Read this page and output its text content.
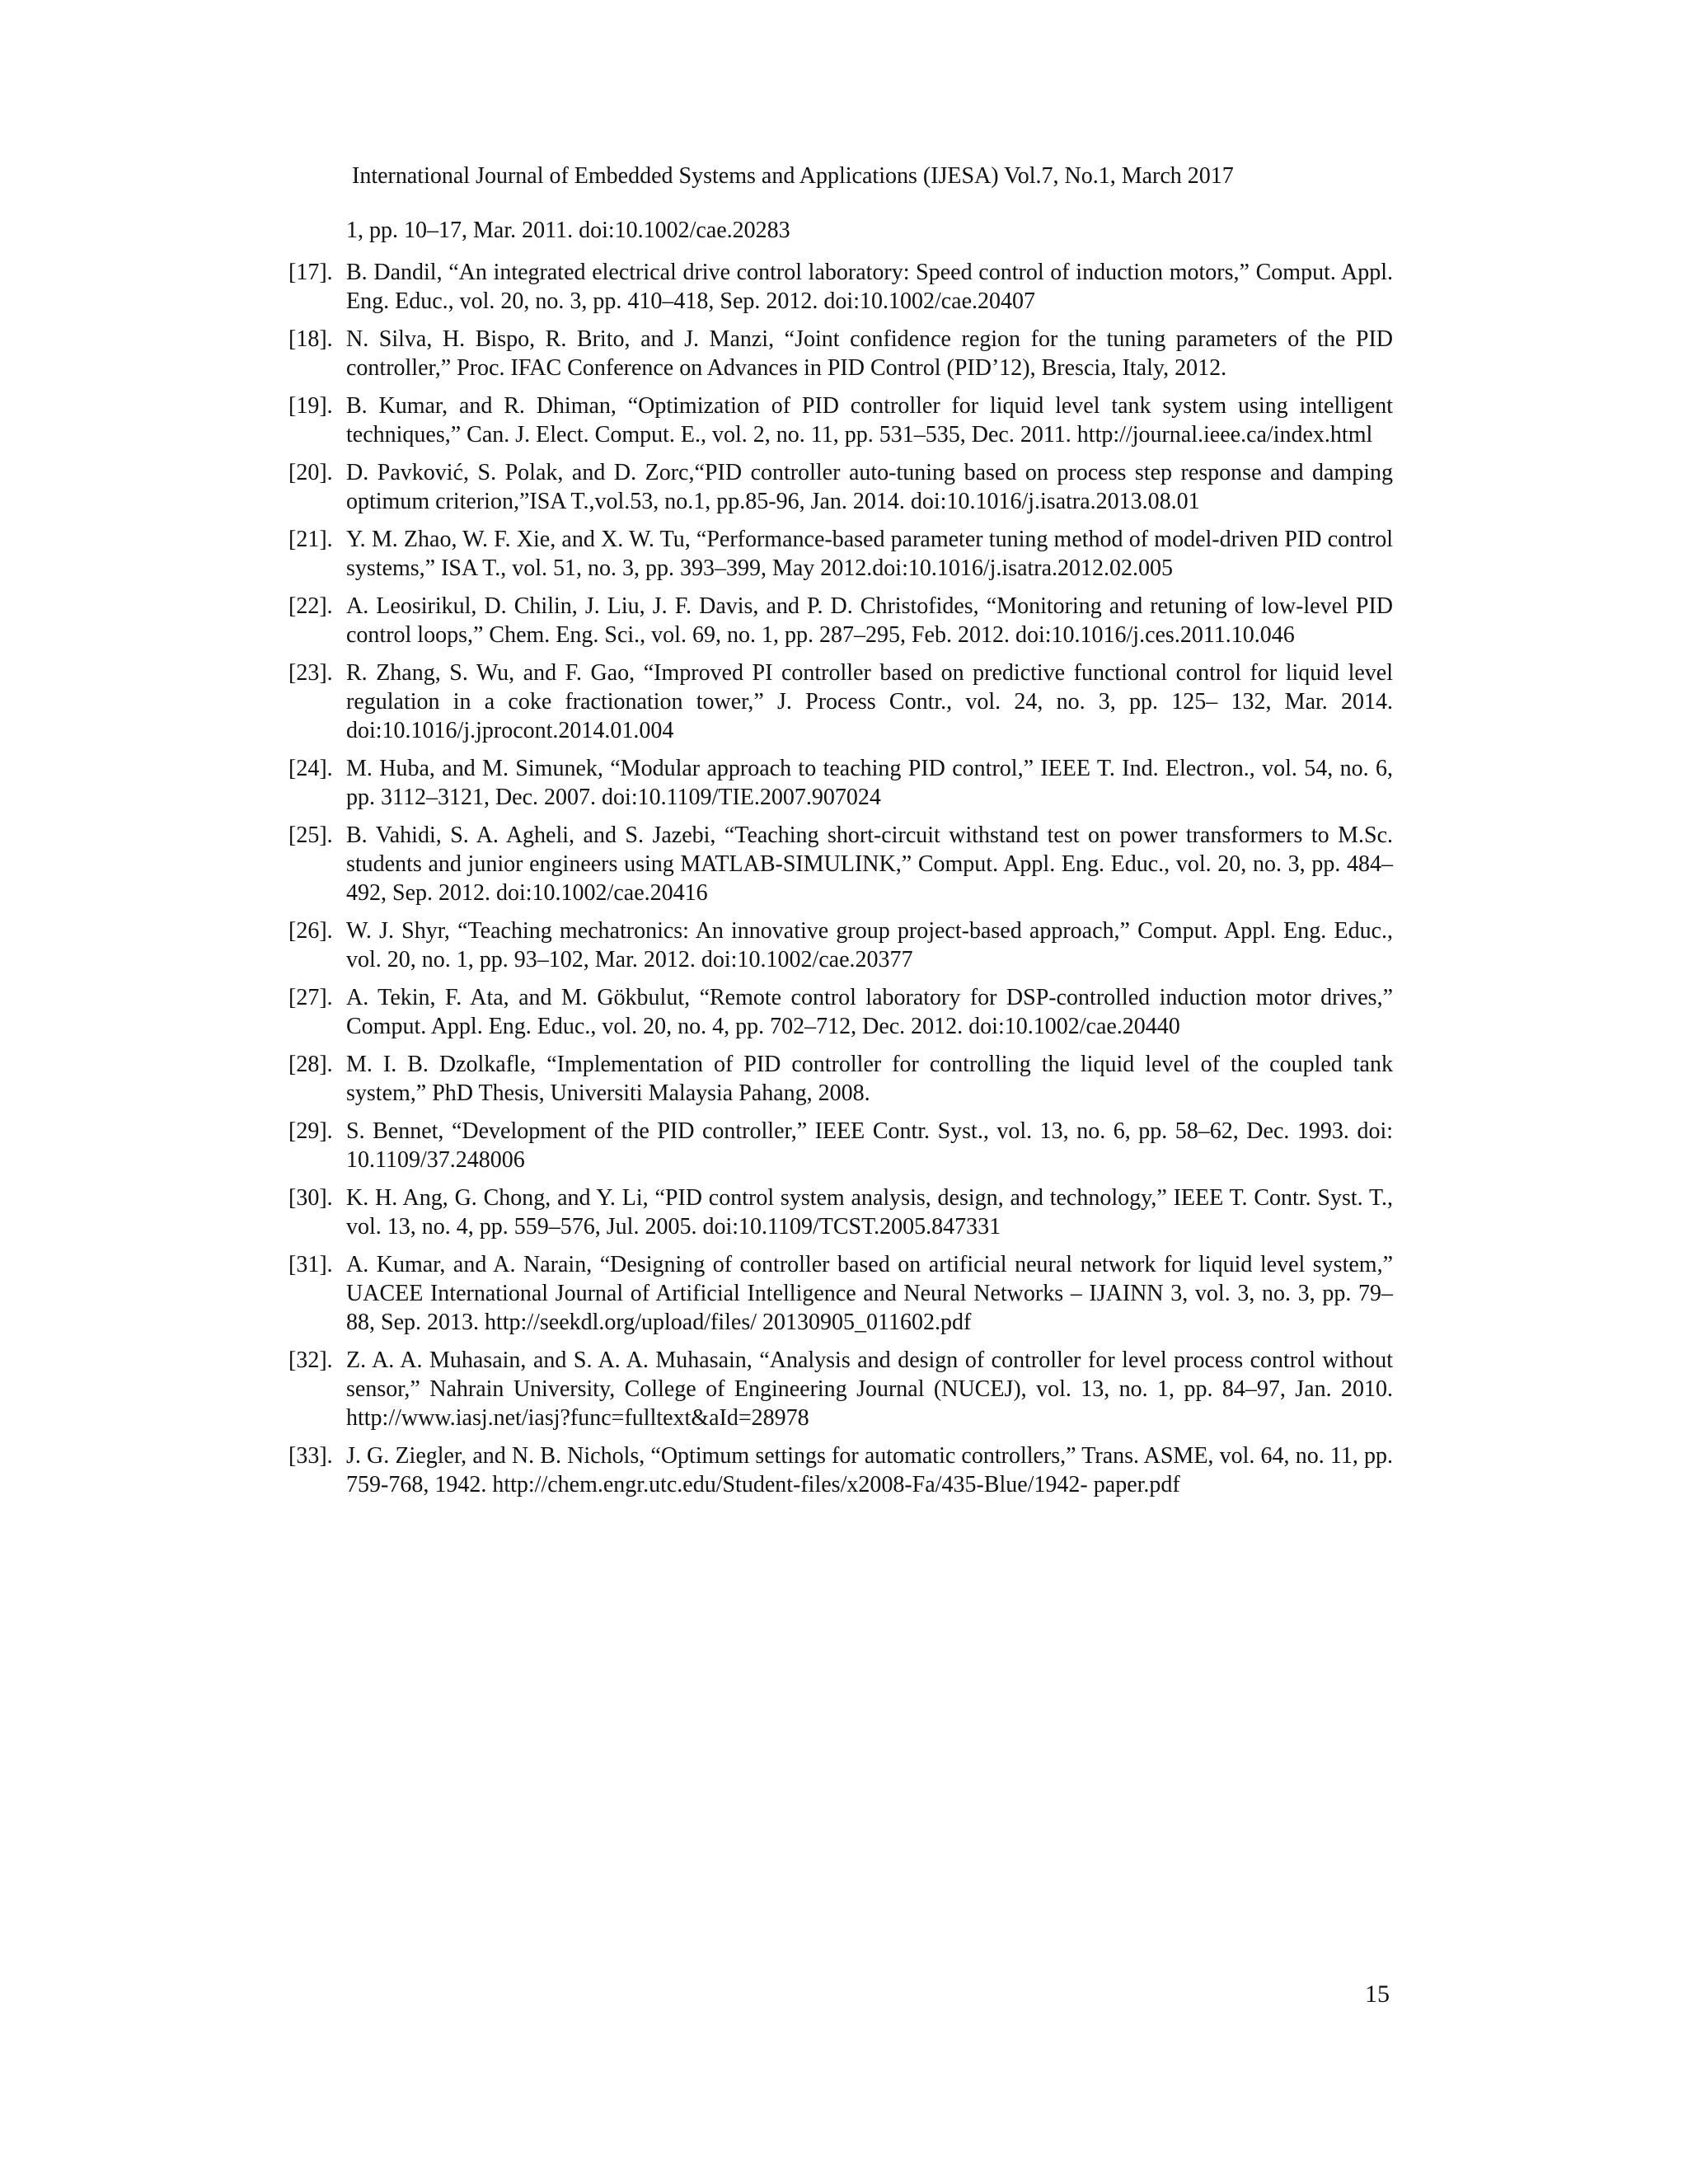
International Journal of Embedded Systems and Applications (IJESA) Vol.7, No.1, March 2017
1, pp. 10–17, Mar. 2011. doi:10.1002/cae.20283
[17]. B. Dandil, “An integrated electrical drive control laboratory: Speed control of induction motors,” Comput. Appl. Eng. Educ., vol. 20, no. 3, pp. 410–418, Sep. 2012. doi:10.1002/cae.20407
[18]. N. Silva, H. Bispo, R. Brito, and J. Manzi, “Joint confidence region for the tuning parameters of the PID controller,” Proc. IFAC Conference on Advances in PID Control (PID’12), Brescia, Italy, 2012.
[19]. B. Kumar, and R. Dhiman, “Optimization of PID controller for liquid level tank system using intelligent techniques,” Can. J. Elect. Comput. E., vol. 2, no. 11, pp. 531–535, Dec. 2011. http://journal.ieee.ca/index.html
[20]. D. Pavković, S. Polak, and D. Zorc,“PID controller auto-tuning based on process step response and damping optimum criterion,”ISA T.,vol.53, no.1, pp.85-96, Jan. 2014. doi:10.1016/j.isatra.2013.08.01
[21]. Y. M. Zhao, W. F. Xie, and X. W. Tu, “Performance-based parameter tuning method of model-driven PID control systems,” ISA T., vol. 51, no. 3, pp. 393–399, May 2012.doi:10.1016/j.isatra.2012.02.005
[22]. A. Leosirikul, D. Chilin, J. Liu, J. F. Davis, and P. D. Christofides, “Monitoring and retuning of low-level PID control loops,” Chem. Eng. Sci., vol. 69, no. 1, pp. 287–295, Feb. 2012. doi:10.1016/j.ces.2011.10.046
[23]. R. Zhang, S. Wu, and F. Gao, “Improved PI controller based on predictive functional control for liquid level regulation in a coke fractionation tower,” J. Process Contr., vol. 24, no. 3, pp. 125– 132, Mar. 2014. doi:10.1016/j.jprocont.2014.01.004
[24]. M. Huba, and M. Simunek, “Modular approach to teaching PID control,” IEEE T. Ind. Electron., vol. 54, no. 6, pp. 3112–3121, Dec. 2007. doi:10.1109/TIE.2007.907024
[25]. B. Vahidi, S. A. Agheli, and S. Jazebi, “Teaching short-circuit withstand test on power transformers to M.Sc. students and junior engineers using MATLAB-SIMULINK,” Comput. Appl. Eng. Educ., vol. 20, no. 3, pp. 484–492, Sep. 2012. doi:10.1002/cae.20416
[26]. W. J. Shyr, “Teaching mechatronics: An innovative group project-based approach,” Comput. Appl. Eng. Educ., vol. 20, no. 1, pp. 93–102, Mar. 2012. doi:10.1002/cae.20377
[27]. A. Tekin, F. Ata, and M. Gökbulut, “Remote control laboratory for DSP-controlled induction motor drives,” Comput. Appl. Eng. Educ., vol. 20, no. 4, pp. 702–712, Dec. 2012. doi:10.1002/cae.20440
[28]. M. I. B. Dzolkafle, “Implementation of PID controller for controlling the liquid level of the coupled tank system,” PhD Thesis, Universiti Malaysia Pahang, 2008.
[29]. S. Bennet, “Development of the PID controller,” IEEE Contr. Syst., vol. 13, no. 6, pp. 58–62, Dec. 1993. doi: 10.1109/37.248006
[30]. K. H. Ang, G. Chong, and Y. Li, “PID control system analysis, design, and technology,” IEEE T. Contr. Syst. T., vol. 13, no. 4, pp. 559–576, Jul. 2005. doi:10.1109/TCST.2005.847331
[31]. A. Kumar, and A. Narain, “Designing of controller based on artificial neural network for liquid level system,” UACEE International Journal of Artificial Intelligence and Neural Networks – IJAINN 3, vol. 3, no. 3, pp. 79–88, Sep. 2013. http://seekdl.org/upload/files/ 20130905_011602.pdf
[32]. Z. A. A. Muhasain, and S. A. A. Muhasain, “Analysis and design of controller for level process control without sensor,” Nahrain University, College of Engineering Journal (NUCEJ), vol. 13, no. 1, pp. 84–97, Jan. 2010. http://www.iasj.net/iasj?func=fulltext&aId=28978
[33]. J. G. Ziegler, and N. B. Nichols, “Optimum settings for automatic controllers,” Trans. ASME, vol. 64, no. 11, pp. 759-768, 1942. http://chem.engr.utc.edu/Student-files/x2008-Fa/435-Blue/1942- paper.pdf
15
